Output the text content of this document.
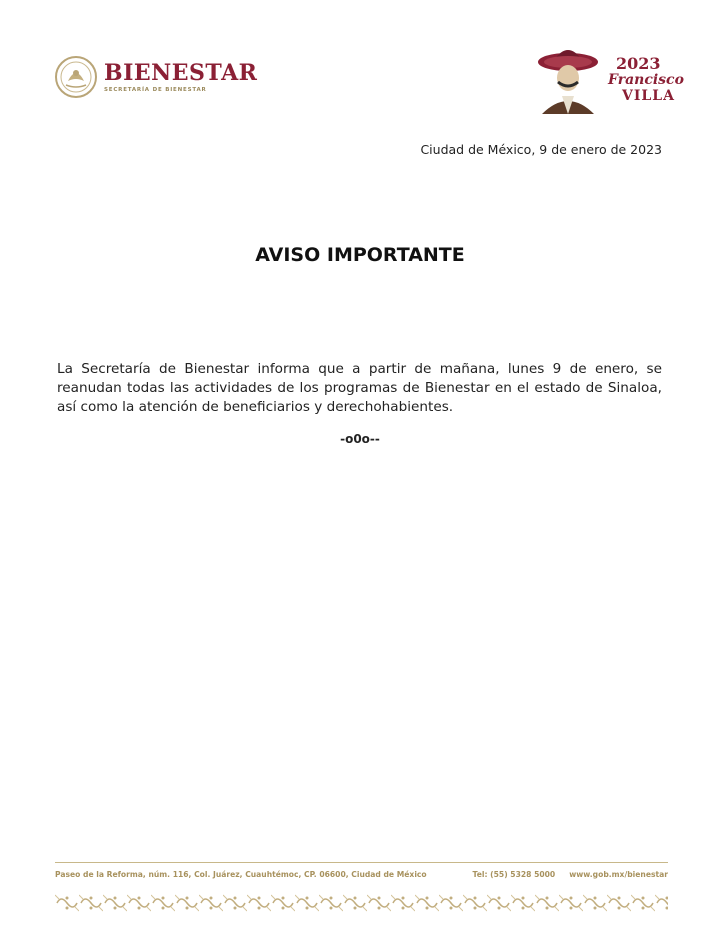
BIENESTAR
SECRETARÍA DE BIENESTAR
2023
Francisco
VILLA
Ciudad de México, 9 de enero de 2023
AVISO IMPORTANTE
La Secretaría de Bienestar informa que a partir de mañana, lunes 9 de enero, se reanudan todas las actividades de los programas de Bienestar en el estado de Sinaloa, así como la atención de beneficiarios y derechohabientes.
-o0o--
Paseo de la Reforma, núm. 116, Col. Juárez, Cuauhtémoc, CP. 06600, Ciudad de México	Tel: (55) 5328 5000 www.gob.mx/bienestar
